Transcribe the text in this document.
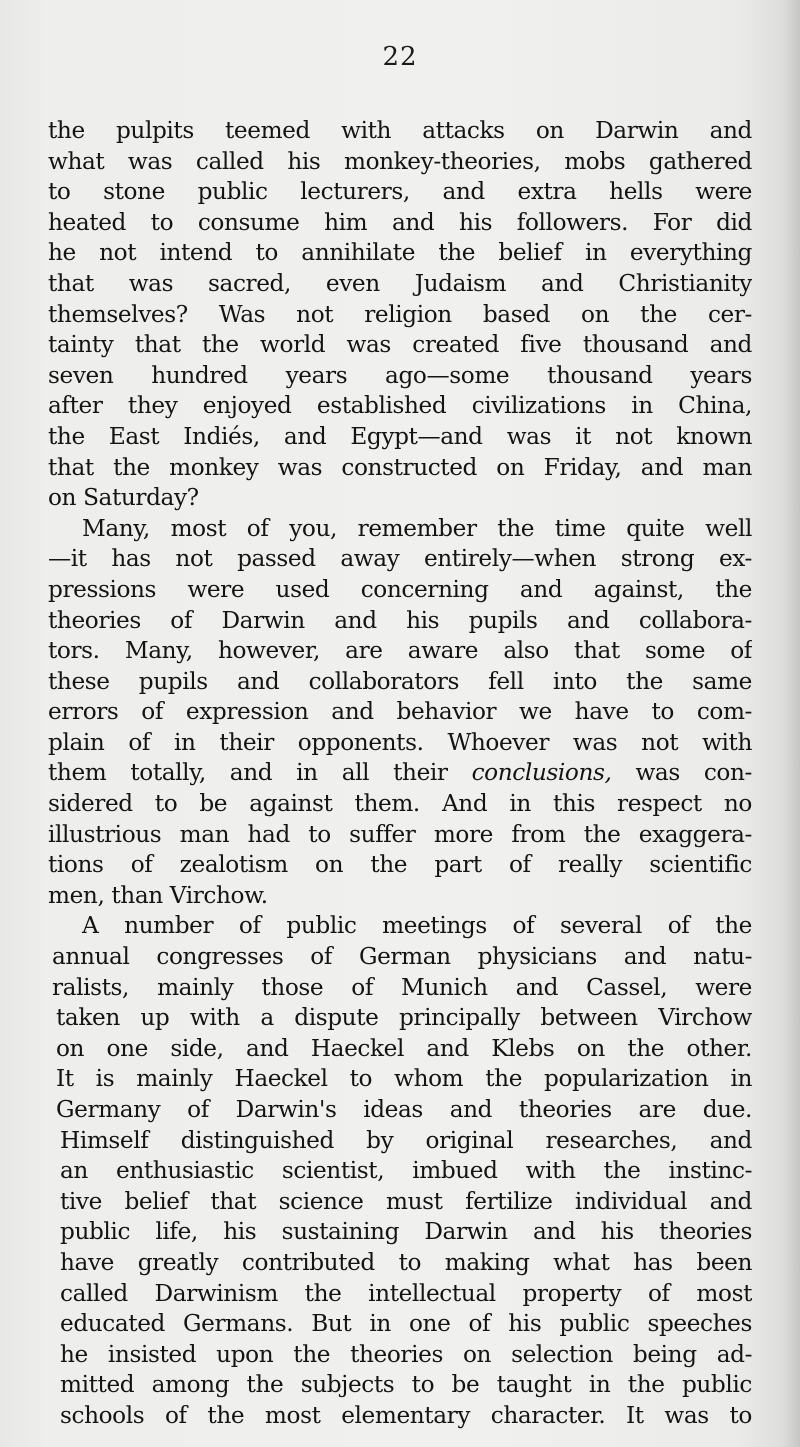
22
the pulpits teemed with attacks on Darwin and
what was called his monkey-theories, mobs gathered
to stone public lecturers, and extra hells were
heated to consume him and his followers. For did
he not intend to annihilate the belief in everything
that was sacred, even Judaism and Christianity
themselves? Was not religion based on the cer-
tainty that the world was created five thousand and
seven hundred years ago—some thousand years
after they enjoyed established civilizations in China,
the East Indiés, and Egypt—and was it not known
that the monkey was constructed on Friday, and man
on Saturday?
Many, most of you, remember the time quite well
—it has not passed away entirely—when strong ex-
pressions were used concerning and against, the
theories of Darwin and his pupils and collabora-
tors. Many, however, are aware also that some of
these pupils and collaborators fell into the same
errors of expression and behavior we have to com-
plain of in their opponents. Whoever was not with
them totally, and in all their conclusions, was con-
sidered to be against them. And in this respect no
illustrious man had to suffer more from the exaggera-
tions of zealotism on the part of really scientific
men, than Virchow.
A number of public meetings of several of the
annual congresses of German physicians and natu-
ralists, mainly those of Munich and Cassel, were
taken up with a dispute principally between Virchow
on one side, and Haeckel and Klebs on the other.
It is mainly Haeckel to whom the popularization in
Germany of Darwin's ideas and theories are due.
Himself distinguished by original researches, and
an enthusiastic scientist, imbued with the instinc-
tive belief that science must fertilize individual and
public life, his sustaining Darwin and his theories
have greatly contributed to making what has been
called Darwinism the intellectual property of most
educated Germans. But in one of his public speeches
he insisted upon the theories on selection being ad-
mitted among the subjects to be taught in the public
schools of the most elementary character. It was to
